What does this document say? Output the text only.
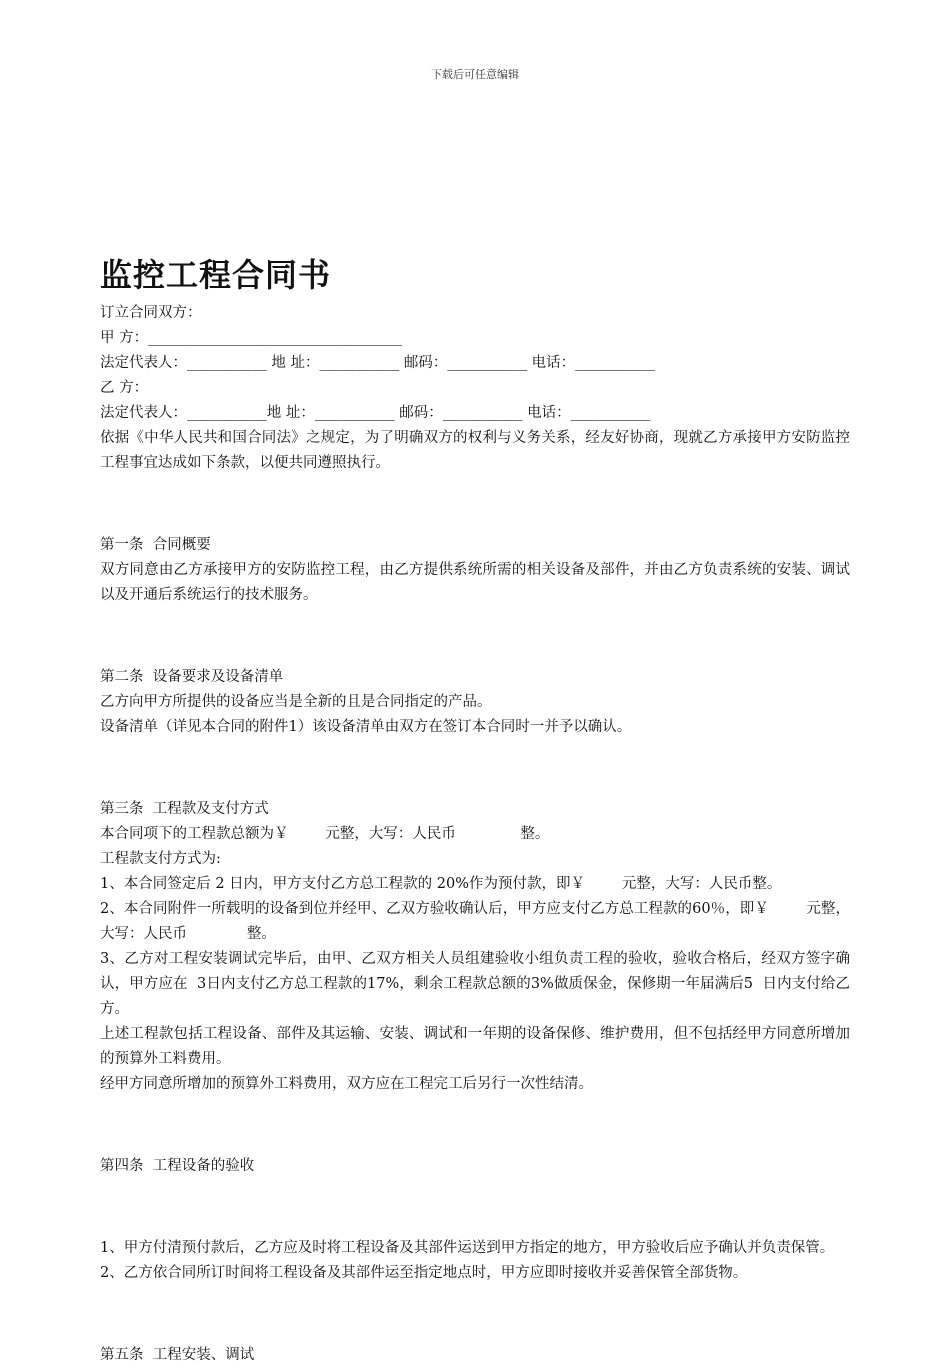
下载后可任意编辑
监控工程合同书

订立合同双方：

甲 方：___________________________________

法定代表人：___________ 地 址：___________ 邮码：___________ 电话：___________

乙 方：

法定代表人：___________地 址：___________ 邮码：___________ 电话：___________

依据《中华人民共和国合同法》之规定，为了明确双方的权利与义务关系，经友好协商，现就乙方承接甲方安防监控工程事宜达成如下条款，以便共同遵照执行。

第一条  合同概要

双方同意由乙方承接甲方的安防监控工程，由乙方提供系统所需的相关设备及部件，并由乙方负责系统的安装、调试以及开通后系统运行的技术服务。

第二条  设备要求及设备清单

乙方向甲方所提供的设备应当是全新的且是合同指定的产品。

设备清单（详见本合同的附件1）该设备清单由双方在签订本合同时一并予以确认。

第三条  工程款及支付方式

本合同项下的工程款总额为￥        元整，大写：人民币              整。

工程款支付方式为:

1、本合同签定后 2 日内，甲方支付乙方总工程款的 20%作为预付款，即￥        元整，大写：人民币整。

2、本合同附件一所载明的设备到位并经甲、乙双方验收确认后，甲方应支付乙方总工程款的60％，即￥        元整，大写：人民币             整。

3、乙方对工程安装调试完毕后，由甲、乙双方相关人员组建验收小组负责工程的验收，验收合格后，经双方签字确认，甲方应在  3日内支付乙方总工程款的17%，剩余工程款总额的3%做质保金，保修期一年届满后5  日内支付给乙方。

上述工程款包括工程设备、部件及其运输、安装、调试和一年期的设备保修、维护费用，但不包括经甲方同意所增加的预算外工料费用。

经甲方同意所增加的预算外工料费用，双方应在工程完工后另行一次性结清。

第四条  工程设备的验收

1、甲方付清预付款后，乙方应及时将工程设备及其部件运送到甲方指定的地方，甲方验收后应予确认并负责保管。

2、乙方依合同所订时间将工程设备及其部件运至指定地点时，甲方应即时接收并妥善保管全部货物。

第五条  工程安装、调试
